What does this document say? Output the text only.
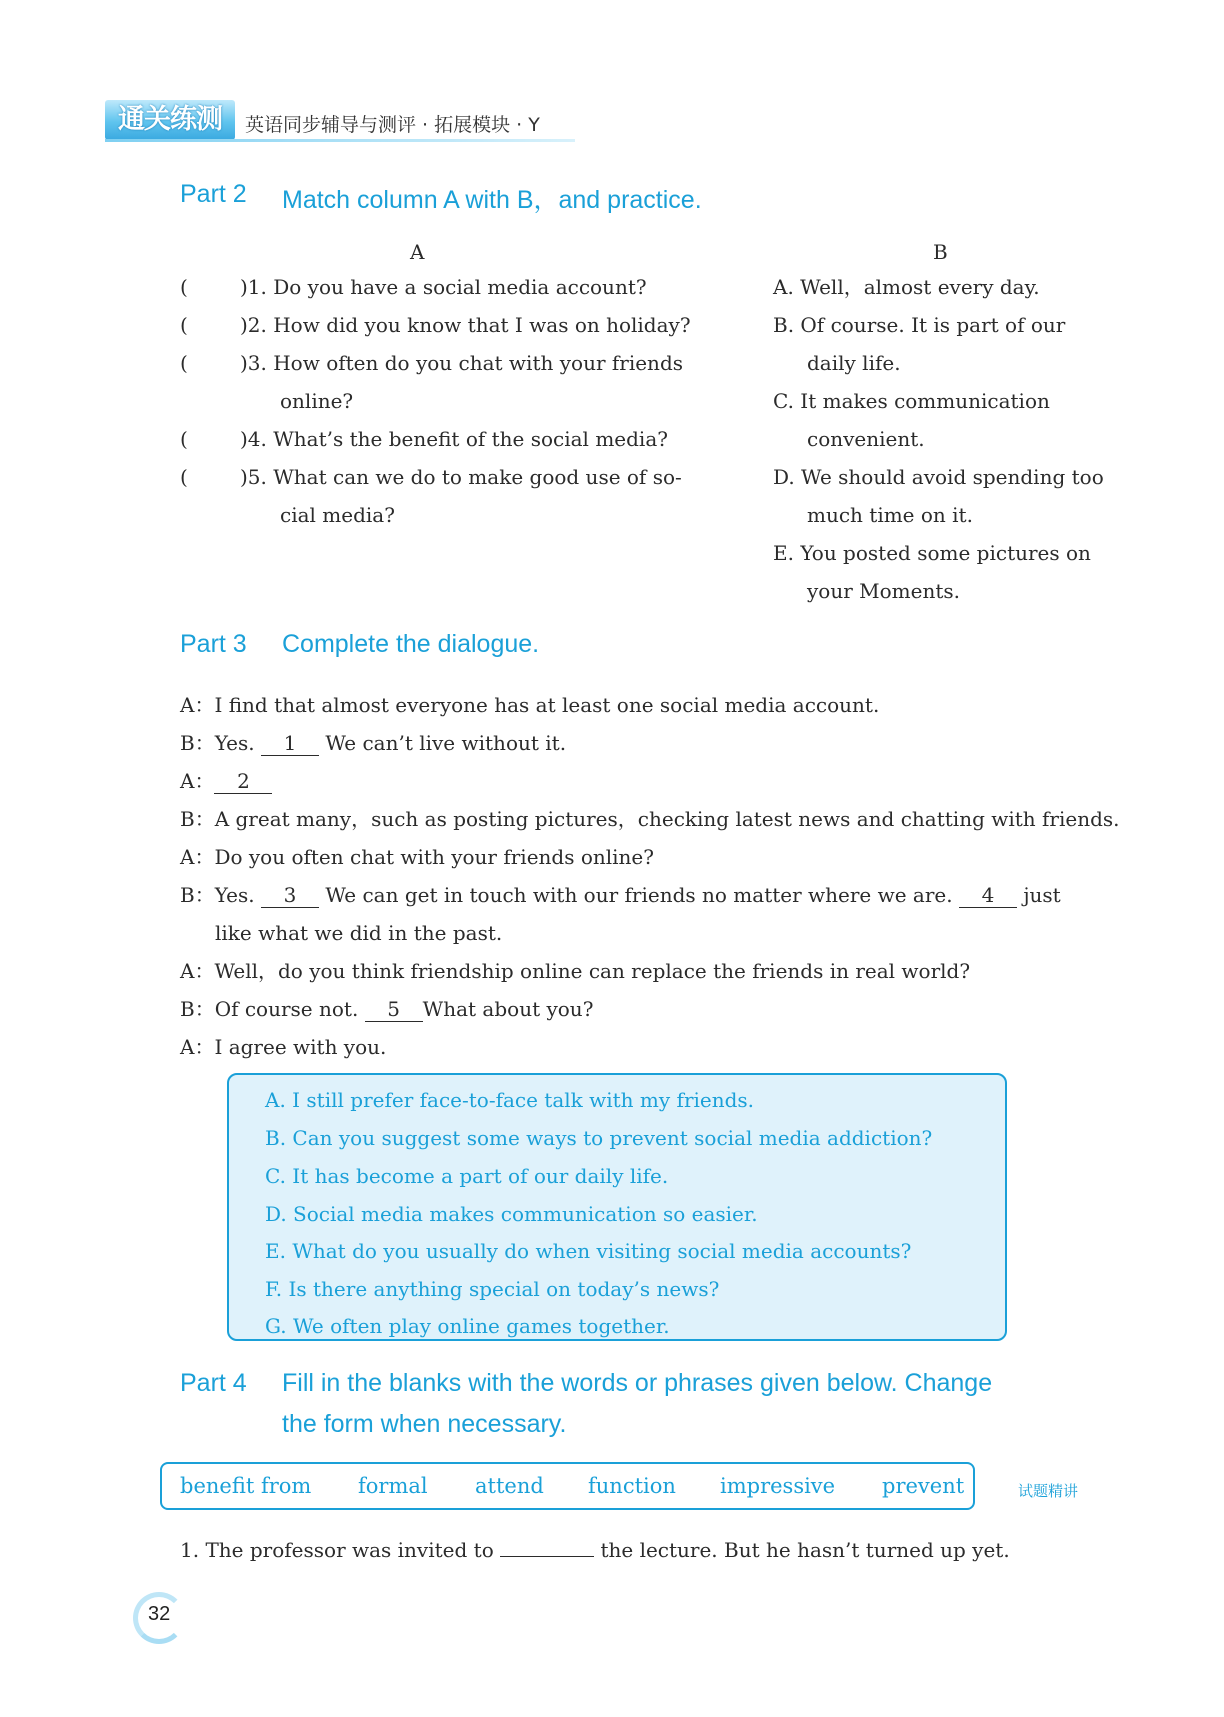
通关练测	英语同步辅导与测评 · 拓展模块 · Y
Part 2 Match column A with B，and practice.
A	B
(	)1. Do you have a social media account?
(	)2. How did you know that I was on holiday?
(	)3. How often do you chat with your friends
online?
(	)4. What’s the benefit of the social media?
(	)5. What can we do to make good use of so-
cial media?
A. Well，almost every day.
B. Of course. It is part of our
daily life.
C. It makes communication
convenient.
D. We should avoid spending too
much time on it.
E. You posted some pictures on
your Moments.
Part 3 Complete the dialogue.
A：I find that almost everyone has at least one social media account.
B：Yes. 1 We can’t live without it.
A： 2
B：A great many，such as posting pictures，checking latest news and chatting with friends.
A：Do you often chat with your friends online?
B：Yes. 3 We can get in touch with our friends no matter where we are. 4 just
like what we did in the past.
A：Well，do you think friendship online can replace the friends in real world?
B：Of course not. 5 What about you?
A：I agree with you.
A. I still prefer face-to-face talk with my friends.
B. Can you suggest some ways to prevent social media addiction?
C. It has become a part of our daily life.
D. Social media makes communication so easier.
E. What do you usually do when visiting social media accounts?
F. Is there anything special on today’s news?
G. We often play online games together.
Part 4 Fill in the blanks with the words or phrases given below. Change
the form when necessary.
benefit from formal attend function impressive prevent	试题精讲
1. The professor was invited to	the lecture. But he hasn’t turned up yet.
32
